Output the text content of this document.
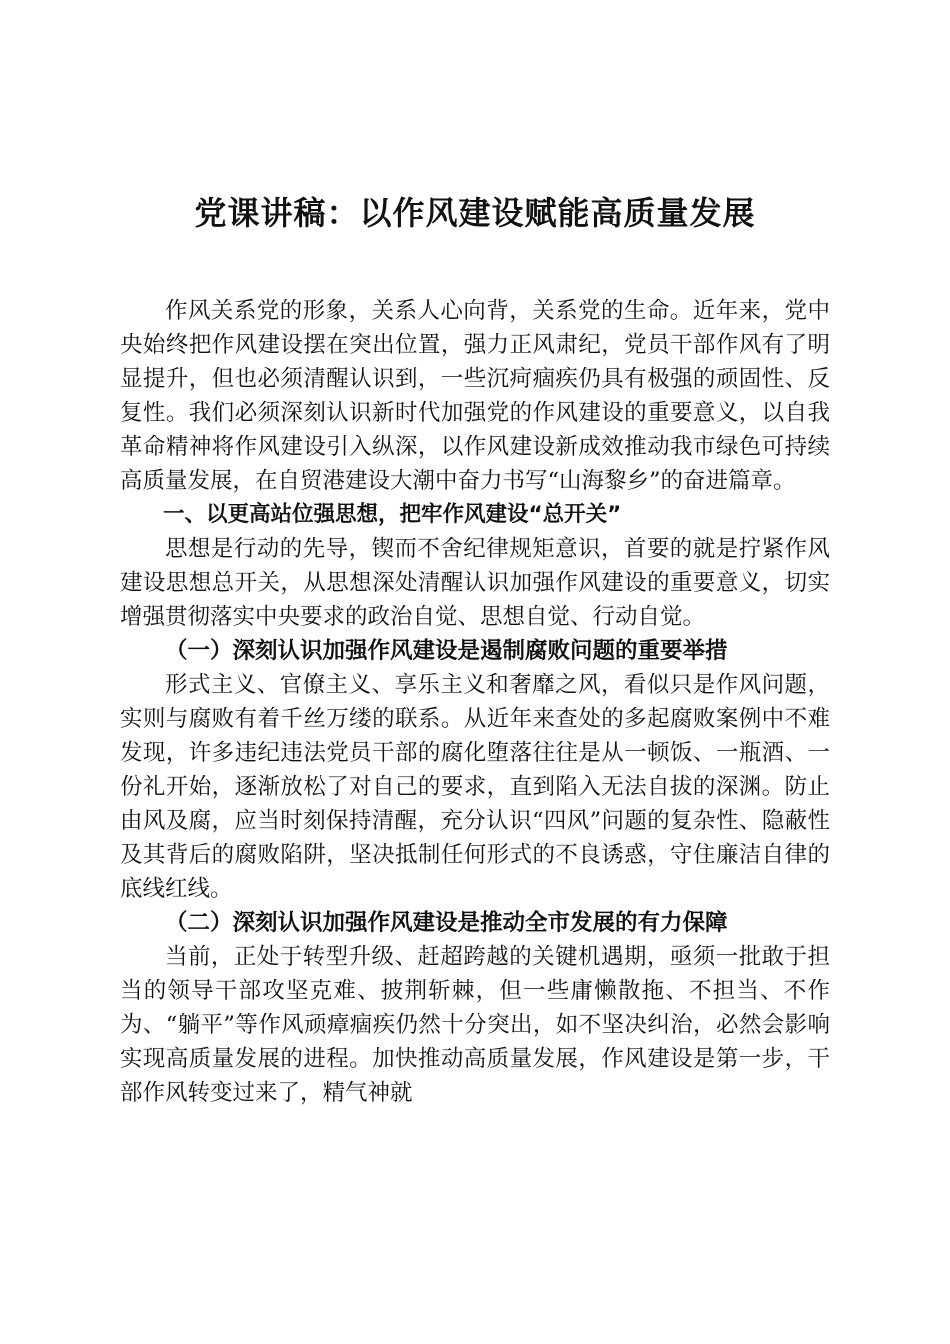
党课讲稿：以作风建设赋能高质量发展

作风关系党的形象，关系人心向背，关系党的生命。近年来，党中央始终把作风建设摆在突出位置，强力正风肃纪，党员干部作风有了明显提升，但也必须清醒认识到，一些沉疴痼疾仍具有极强的顽固性、反复性。我们必须深刻认识新时代加强党的作风建设的重要意义，以自我革命精神将作风建设引入纵深，以作风建设新成效推动我市绿色可持续高质量发展，在自贸港建设大潮中奋力书写“山海黎乡”的奋进篇章。

一、以更高站位强思想，把牢作风建设“总开关”

思想是行动的先导，锲而不舍纪律规矩意识，首要的就是拧紧作风建设思想总开关，从思想深处清醒认识加强作风建设的重要意义，切实增强贯彻落实中央要求的政治自觉、思想自觉、行动自觉。

（一）深刻认识加强作风建设是遏制腐败问题的重要举措

形式主义、官僚主义、享乐主义和奢靡之风，看似只是作风问题，实则与腐败有着千丝万缕的联系。从近年来查处的多起腐败案例中不难发现，许多违纪违法党员干部的腐化堕落往往是从一顿饭、一瓶酒、一份礼开始，逐渐放松了对自己的要求，直到陷入无法自拔的深渊。防止由风及腐，应当时刻保持清醒，充分认识“四风”问题的复杂性、隐蔽性及其背后的腐败陷阱，坚决抵制任何形式的不良诱惑，守住廉洁自律的底线红线。

（二）深刻认识加强作风建设是推动全市发展的有力保障

当前，正处于转型升级、赶超跨越的关键机遇期，亟须一批敢于担当的领导干部攻坚克难、披荆斩棘，但一些庸懒散拖、不担当、不作为、“躺平”等作风顽瘴痼疾仍然十分突出，如不坚决纠治，必然会影响实现高质量发展的进程。加快推动高质量发展，作风建设是第一步，干部作风转变过来了，精气神就
